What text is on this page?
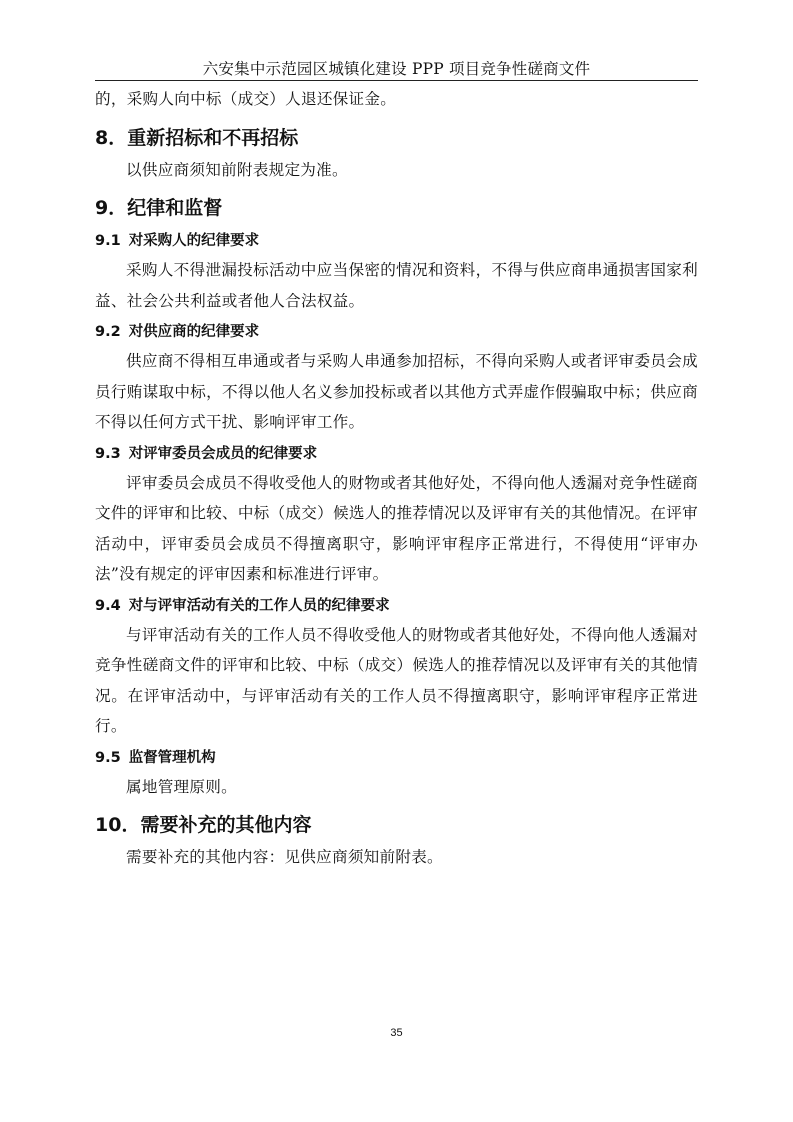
六安集中示范园区城镇化建设 PPP 项目竞争性磋商文件

的，采购人向中标（成交）人退还保证金。

8．重新招标和不再招标

以供应商须知前附表规定为准。

9．纪律和监督
9.1 对采购人的纪律要求

采购人不得泄漏投标活动中应当保密的情况和资料，不得与供应商串通损害国家利益、社会公共利益或者他人合法权益。

9.2 对供应商的纪律要求

供应商不得相互串通或者与采购人串通参加招标，不得向采购人或者评审委员会成员行贿谋取中标，不得以他人名义参加投标或者以其他方式弄虚作假骗取中标；供应商不得以任何方式干扰、影响评审工作。

9.3 对评审委员会成员的纪律要求

评审委员会成员不得收受他人的财物或者其他好处，不得向他人透漏对竞争性磋商文件的评审和比较、中标（成交）候选人的推荐情况以及评审有关的其他情况。在评审活动中，评审委员会成员不得擅离职守，影响评审程序正常进行，不得使用“评审办法”没有规定的评审因素和标准进行评审。

9.4 对与评审活动有关的工作人员的纪律要求

与评审活动有关的工作人员不得收受他人的财物或者其他好处，不得向他人透漏对竞争性磋商文件的评审和比较、中标（成交）候选人的推荐情况以及评审有关的其他情况。在评审活动中，与评审活动有关的工作人员不得擅离职守，影响评审程序正常进行。

9.5 监督管理机构

属地管理原则。

10．需要补充的其他内容

需要补充的其他内容：见供应商须知前附表。

35
